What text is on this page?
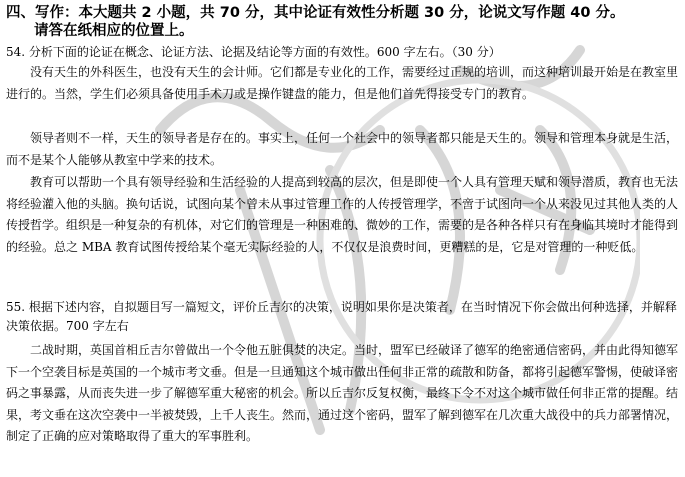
四、写作：本大题共 2 小题，共 70 分，其中论证有效性分析题 30 分，论说文写作题 40 分。
请答在纸相应的位置上。
54. 分析下面的论证在概念、论证方法、论据及结论等方面的有效性。600 字左右。（30 分）
没有天生的外科医生，也没有天生的会计师。它们都是专业化的工作，需要经过正规的培训，而这种培训最开始是在教室里进行的。当然，学生们必须具备使用手术刀或是操作键盘的能力，但是他们首先得接受专门的教育。
领导者则不一样，天生的领导者是存在的。事实上，任何一个社会中的领导者都只能是天生的。领导和管理本身就是生活，而不是某个人能够从教室中学来的技术。
教育可以帮助一个具有领导经验和生活经验的人提高到较高的层次，但是即使一个人具有管理天赋和领导潜质，教育也无法将经验灌入他的头脑。换句话说，试图向某个曾未从事过管理工作的人传授管理学，不啻于试图向一个从来没见过其他人类的人传授哲学。组织是一种复杂的有机体，对它们的管理是一种困难的、微妙的工作，需要的是各种各样只有在身临其境时才能得到的经验。总之 MBA 教育试图传授给某个毫无实际经验的人，不仅仅是浪费时间，更糟糕的是，它是对管理的一种贬低。
55. 根据下述内容，自拟题目写一篇短文，评价丘吉尔的决策，说明如果你是决策者，在当时情况下你会做出何种选择，并解释决策依据。700 字左右
二战时期，英国首相丘吉尔曾做出一个令他五脏俱焚的决定。当时，盟军已经破译了德军的绝密通信密码，并由此得知德军下一个空袭目标是英国的一个城市考文垂。但是一旦通知这个城市做出任何非正常的疏散和防备，都将引起德军警惕，使破译密码之事暴露，从而丧失进一步了解德军重大秘密的机会。所以丘吉尔反复权衡，最终下令不对这个城市做任何非正常的提醒。结果，考文垂在这次空袭中一半被焚毁，上千人丧生。然而，通过这个密码，盟军了解到德军在几次重大战役中的兵力部署情况，制定了正确的应对策略取得了重大的军事胜利。
